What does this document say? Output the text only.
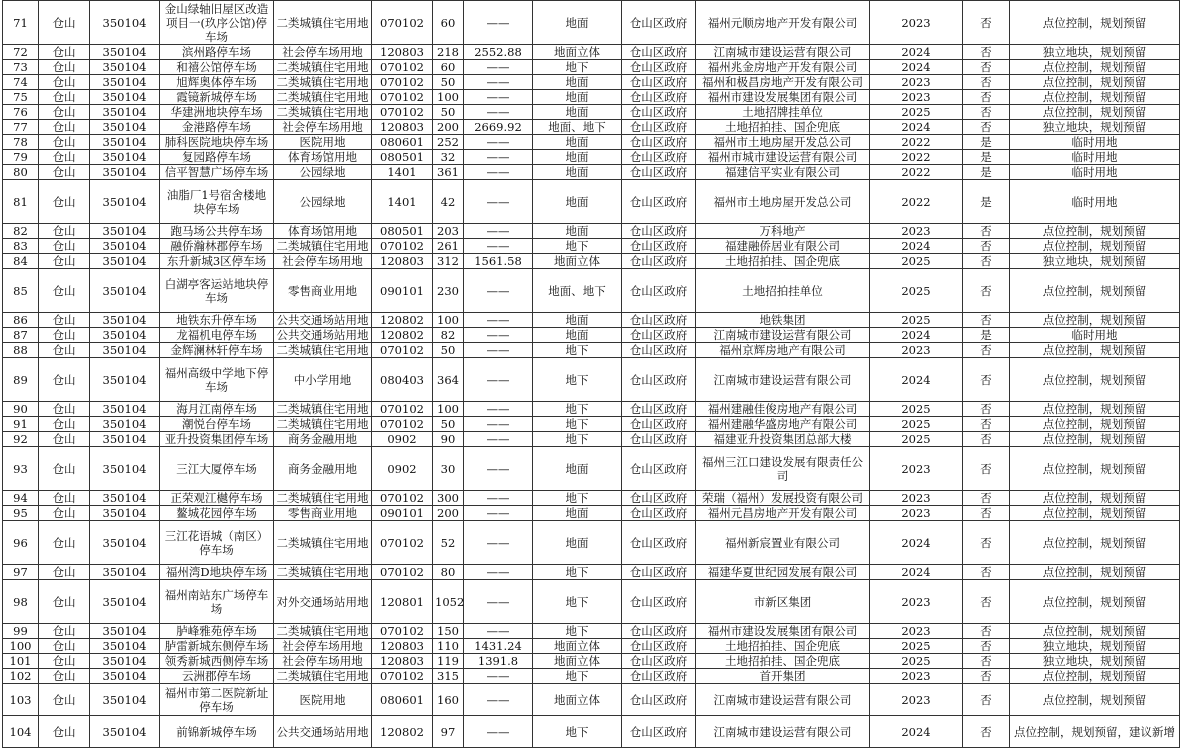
71	仓山	350104	金山绿轴旧屋区改造项目一(玖序公馆)停车场	二类城镇住宅用地	070102	60	——	地面	仓山区政府	福州元顺房地产开发有限公司	2023	否	点位控制，规划预留
72	仓山	350104	滨州路停车场	社会停车场用地	120803	218	2552.88	地面立体	仓山区政府	江南城市建设运营有限公司	2024	否	独立地块，规划预留
73	仓山	350104	和禧公馆停车场	二类城镇住宅用地	070102	60	——	地下	仓山区政府	福州兆金房地产开发有限公司	2024	否	点位控制，规划预留
74	仓山	350104	旭辉奥体停车场	二类城镇住宅用地	070102	50	——	地面	仓山区政府	福州和极昌房地产开发有限公司	2023	否	点位控制，规划预留
75	仓山	350104	霞镜新城停车场	二类城镇住宅用地	070102	100	——	地面	仓山区政府	福州市建设发展集团有限公司	2023	否	点位控制，规划预留
76	仓山	350104	华建洲地块停车场	二类城镇住宅用地	070102	50	——	地面	仓山区政府	土地招牌挂单位	2025	否	点位控制，规划预留
77	仓山	350104	金港路停车场	社会停车场用地	120803	200	2669.92	地面、地下	仓山区政府	土地招拍挂、国企兜底	2024	否	独立地块，规划预留
78	仓山	350104	肺科医院地块停车场	医院用地	080601	252	——	地面	仓山区政府	福州市土地房屋开发总公司	2022	是	临时用地
79	仓山	350104	复园路停车场	体育场馆用地	080501	32	——	地面	仓山区政府	福州市城市建设运营有限公司	2022	是	临时用地
80	仓山	350104	信平智慧广场停车场	公园绿地	1401	361	——	地面	仓山区政府	福建信平实业有限公司	2022	是	临时用地
81	仓山	350104	油脂厂1号宿舍楼地块停车场	公园绿地	1401	42	——	地面	仓山区政府	福州市土地房屋开发总公司	2022	是	临时用地
82	仓山	350104	跑马场公共停车场	体育场馆用地	080501	203	——	地面	仓山区政府	万科地产	2023	否	点位控制，规划预留
83	仓山	350104	融侨瀚林郡停车场	二类城镇住宅用地	070102	261	——	地下	仓山区政府	福建融侨居业有限公司	2024	否	点位控制，规划预留
84	仓山	350104	东升新城3区停车场	社会停车场用地	120803	312	1561.58	地面立体	仓山区政府	土地招拍挂、国企兜底	2025	否	独立地块，规划预留
85	仓山	350104	白湖亭客运站地块停车场	零售商业用地	090101	230	——	地面、地下	仓山区政府	土地招拍挂单位	2025	否	点位控制，规划预留
86	仓山	350104	地铁东升停车场	公共交通场站用地	120802	100	——	地面	仓山区政府	地铁集团	2025	否	点位控制，规划预留
87	仓山	350104	龙福机电停车场	公共交通场站用地	120802	82	——	地面	仓山区政府	江南城市建设运营有限公司	2024	是	临时用地
88	仓山	350104	金辉澜林轩停车场	二类城镇住宅用地	070102	50	——	地下	仓山区政府	福州京辉房地产有限公司	2023	否	点位控制，规划预留
89	仓山	350104	福州高级中学地下停车场	中小学用地	080403	364	——	地下	仓山区政府	江南城市建设运营有限公司	2024	否	点位控制，规划预留
90	仓山	350104	海月江南停车场	二类城镇住宅用地	070102	100	——	地下	仓山区政府	福州建融佳俊房地产有限公司	2025	否	点位控制，规划预留
91	仓山	350104	潮悦台停车场	二类城镇住宅用地	070102	50	——	地下	仓山区政府	福州建融华盛房地产有限公司	2025	否	点位控制，规划预留
92	仓山	350104	亚升投资集团停车场	商务金融用地	0902	90	——	地下	仓山区政府	福建亚升投资集团总部大楼	2025	否	点位控制，规划预留
93	仓山	350104	三江大厦停车场	商务金融用地	0902	30	——	地面	仓山区政府	福州三江口建设发展有限责任公司	2023	否	点位控制，规划预留
94	仓山	350104	正荣观江樾停车场	二类城镇住宅用地	070102	300	——	地下	仓山区政府	荣瑞（福州）发展投资有限公司	2023	否	点位控制，规划预留
95	仓山	350104	鳌城花园停车场	零售商业用地	090101	200	——	地面	仓山区政府	福州元昌房地产开发有限公司	2023	否	点位控制，规划预留
96	仓山	350104	三江花语城（南区）停车场	二类城镇住宅用地	070102	52	——	地面	仓山区政府	福州新宸置业有限公司	2024	否	点位控制，规划预留
97	仓山	350104	福州湾D地块停车场	二类城镇住宅用地	070102	80	——	地下	仓山区政府	福建华夏世纪园发展有限公司	2024	否	点位控制，规划预留
98	仓山	350104	福州南站东广场停车场	对外交通场站用地	120801	1052	——	地下	仓山区政府	市新区集团	2023	否	点位控制，规划预留
99	仓山	350104	胪峰雅苑停车场	二类城镇住宅用地	070102	150	——	地下	仓山区政府	福州市建设发展集团有限公司	2023	否	点位控制，规划预留
100	仓山	350104	胪雷新城东侧停车场	社会停车场用地	120803	110	1431.24	地面立体	仓山区政府	土地招拍挂、国企兜底	2025	否	独立地块，规划预留
101	仓山	350104	领秀新城西侧停车场	社会停车场用地	120803	119	1391.8	地面立体	仓山区政府	土地招拍挂、国企兜底	2025	否	独立地块，规划预留
102	仓山	350104	云洲郡停车场	二类城镇住宅用地	070102	315	——	地下	仓山区政府	首开集团	2023	否	点位控制，规划预留
103	仓山	350104	福州市第二医院新址停车场	医院用地	080601	160	——	地面立体	仓山区政府	江南城市建设运营有限公司	2023	否	点位控制，规划预留
104	仓山	350104	前锦新城停车场	公共交通场站用地	120802	97	——	地下	仓山区政府	江南城市建设运营有限公司	2024	否	点位控制，规划预留，建议新增
